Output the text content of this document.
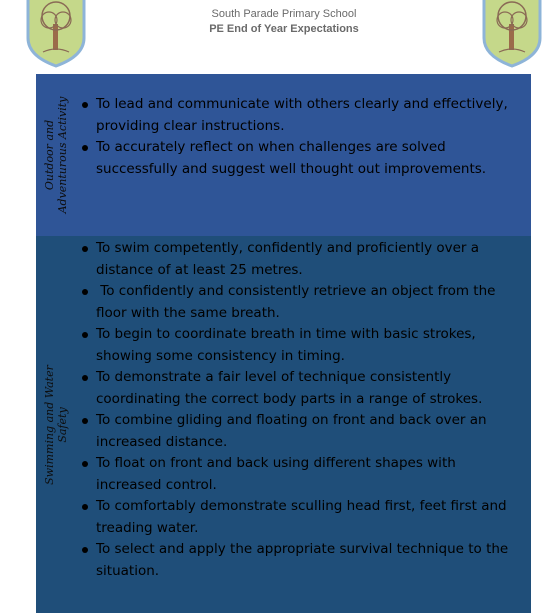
South Parade Primary School
PE End of Year Expectations
Outdoor and Adventurous Activity To lead and communicate with others clearly and effectively, providing clear instructions.
To accurately reflect on when challenges are solved successfully and suggest well thought out improvements.
Swimming and Water Safety
To swim competently, confidently and proficiently over a distance of at least 25 metres.
To confidently and consistently retrieve an object from the floor with the same breath.
To begin to coordinate breath in time with basic strokes, showing some consistency in timing.
To demonstrate a fair level of technique consistently coordinating the correct body parts in a range of strokes.
To combine gliding and floating on front and back over an increased distance.
To float on front and back using different shapes with increased control.
To comfortably demonstrate sculling head first, feet first and treading water.
To select and apply the appropriate survival technique to the situation.
